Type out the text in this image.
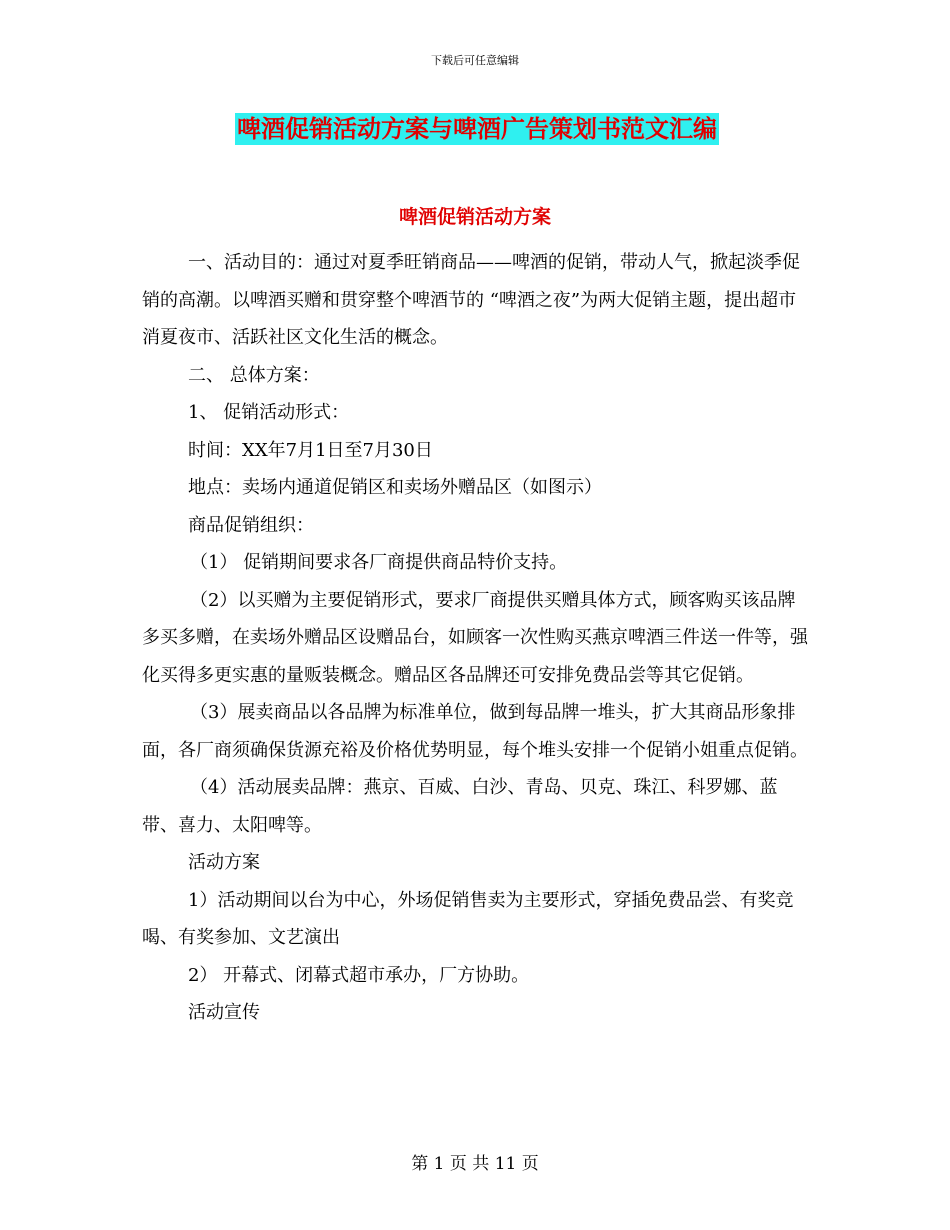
下载后可任意编辑
啤酒促销活动方案与啤酒广告策划书范文汇编
啤酒促销活动方案

一、活动目的：通过对夏季旺销商品——啤酒的促销，带动人气，掀起淡季促销的高潮。以啤酒买赠和贯穿整个啤酒节的 “啤酒之夜”为两大促销主题，提出超市消夏夜市、活跃社区文化生活的概念。

二、 总体方案：

1、 促销活动形式：

时间：XX年7月1日至7月30日

地点：卖场内通道促销区和卖场外赠品区（如图示）

商品促销组织：

（1） 促销期间要求各厂商提供商品特价支持。

（2）以买赠为主要促销形式，要求厂商提供买赠具体方式，顾客购买该品牌多买多赠，在卖场外赠品区设赠品台，如顾客一次性购买燕京啤酒三件送一件等，强化买得多更实惠的量贩装概念。赠品区各品牌还可安排免费品尝等其它促销。

（3）展卖商品以各品牌为标准单位，做到每品牌一堆头，扩大其商品形象排面，各厂商须确保货源充裕及价格优势明显，每个堆头安排一个促销小姐重点促销。

（4）活动展卖品牌：燕京、百威、白沙、青岛、贝克、珠江、科罗娜、蓝带、喜力、太阳啤等。

活动方案

1）活动期间以台为中心，外场促销售卖为主要形式，穿插免费品尝、有奖竞喝、有奖参加、文艺演出

2） 开幕式、闭幕式超市承办，厂方协助。

活动宣传

第 1 页 共 11 页
